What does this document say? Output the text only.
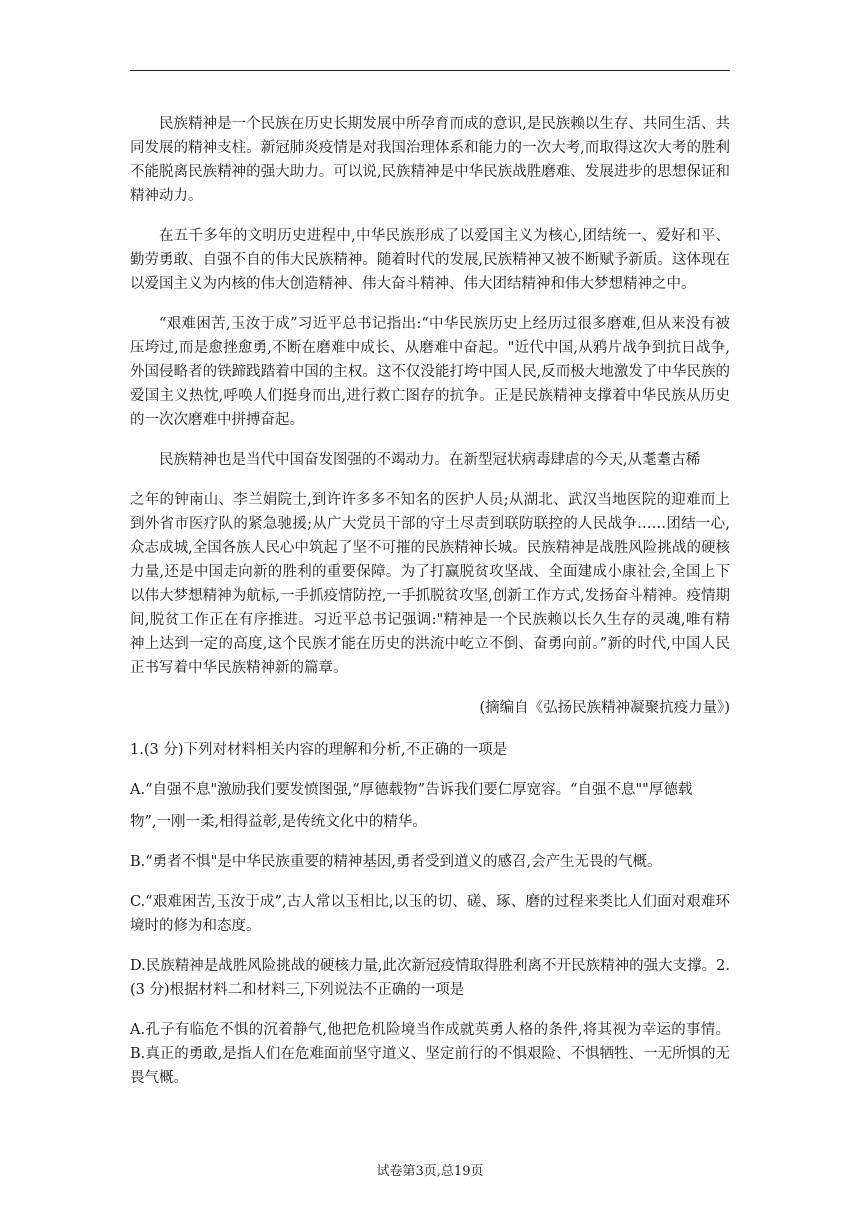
民族精神是一个民族在历史长期发展中所孕育而成的意识,是民族赖以生存、共同生活、共同发展的精神支柱。新冠肺炎疫情是对我国治理体系和能力的一次大考,而取得这次大考的胜利不能脱离民族精神的强大助力。可以说,民族精神是中华民族战胜磨难、发展进步的思想保证和精神动力。

在五千多年的文明历史进程中,中华民族形成了以爱国主义为核心,团结统一、爱好和平、勤劳勇敢、自强不自的伟大民族精神。随着时代的发展,民族精神又被不断赋予新质。这体现在以爱国主义为内核的伟大创造精神、伟大奋斗精神、伟大团结精神和伟大梦想精神之中。

“艰难困苦,玉汝于成”习近平总书记指出:“中华民族历史上经历过很多磨难,但从来没有被压垮过,而是愈挫愈勇,不断在磨难中成长、从磨难中奋起。"近代中国,从鸦片战争到抗日战争,外国侵略者的铁蹄践踏着中国的主权。这不仅没能打垮中国人民,反而极大地激发了中华民族的爱国主义热忱,呼唤人们挺身而出,进行救亡图存的抗争。正是民族精神支撑着中华民族从历史的一次次磨难中拼搏奋起。

民族精神也是当代中国奋发图强的不竭动力。在新型冠状病毒肆虐的今天,从耄耋古稀

之年的钟南山、李兰娟院士,到许许多多不知名的医护人员;从湖北、武汉当地医院的迎难而上到外省市医疗队的紧急驰援;从广大党员干部的守土尽责到联防联控的人民战争……团结一心,众志成城,全国各族人民心中筑起了坚不可摧的民族精神长城。民族精神是战胜风险挑战的硬核力量,还是中国走向新的胜利的重要保障。为了打赢脱贫攻坚战、全面建成小康社会,全国上下以伟大梦想精神为航标,一手抓疫情防控,一手抓脱贫攻坚,创新工作方式,发扬奋斗精神。疫情期间,脱贫工作正在有序推进。习近平总书记强调:"精神是一个民族赖以长久生存的灵魂,唯有精神上达到一定的高度,这个民族才能在历史的洪流中屹立不倒、奋勇向前。”新的时代,中国人民正书写着中华民族精神新的篇章。

(摘编自《弘扬民族精神凝聚抗疫力量》)

1.(3 分)下列对材料相关内容的理解和分析,不正确的一项是

A.“自强不息"激励我们要发愤图强,“厚德载物”告诉我们要仁厚宽容。“自强不息""厚德载

物”,一刚一柔,相得益彰,是传统文化中的精华。

B.“勇者不惧"是中华民族重要的精神基因,勇者受到道义的感召,会产生无畏的气概。

C.“艰难困苦,玉汝于成”,古人常以玉相比,以玉的切、磋、琢、磨的过程来类比人们面对艰难环境时的修为和态度。

D.民族精神是战胜风险挑战的硬核力量,此次新冠疫情取得胜利离不开民族精神的强大支撑。2.(3 分)根据材料二和材料三,下列说法不正确的一项是

A.孔子有临危不惧的沉着静气,他把危机险境当作成就英勇人格的条件,将其视为幸运的事情。B.真正的勇敢,是指人们在危难面前坚守道义、坚定前行的不惧艰险、不惧牺牲、一无所惧的无畏气概。

试卷第3页,总19页
